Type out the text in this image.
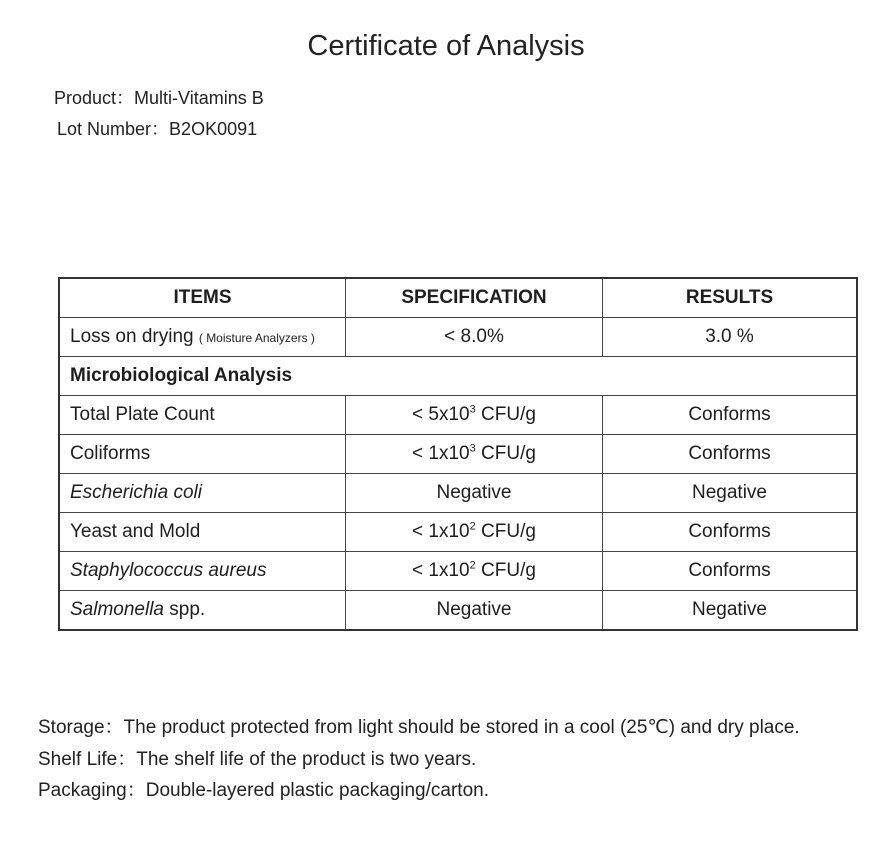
Certificate of Analysis
Product：Multi-Vitamins B
Lot Number：B2OK0091
ITEMS	SPECIFICATION	RESULTS
Loss on drying ( Moisture Analyzers )	< 8.0%	3.0 %
Microbiological Analysis		
Total Plate Count	< $5x10^3$ CFU/g	Conforms
Coliforms	< $1x10^3$ CFU/g	Conforms
Escherichia coli	Negative	Negative
Yeast and Mold	< $1x10^2$ CFU/g	Conforms
Staphylococcus aureus	< $1x10^2$ CFU/g	Conforms
Salmonella spp.	Negative	Negative
Storage：The product protected from light should be stored in a cool (25℃) and dry place.
Shelf Life：The shelf life of the product is two years.
Packaging：Double-layered plastic packaging/carton.
